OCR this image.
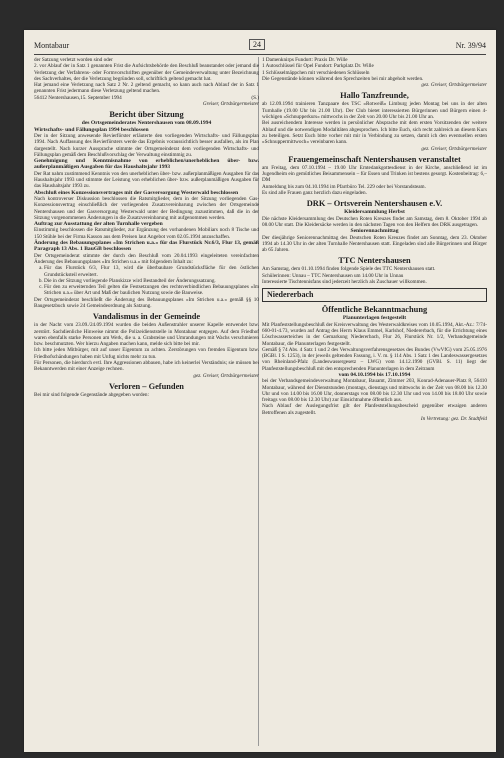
Montabaur	24	Nr. 39/94

der Satzung verletzt worden sind oder

2. vor Ablauf der in Satz 1 genannten Frist die Aufsichtsbehörde den Beschluß beanstandet oder jemand die Verletzung der Verfahrens- oder Formvorschriften gegenüber der Gemeindeverwaltung unter Bezeichnung des Sachverhaltes, der die Verletzung begründen soll, schriftlich geltend gemacht hat.

Hat jemand eine Verletzung nach Satz 2 Nr. 2 geltend gemacht, so kann auch nach Ablauf der in Satz 1 genannten Frist jedermann diese Verletzung geltend machen.

56412 Nentershausen,15. September 1994	(S.)

Greiser, Ortsbürgermeister

Bericht über Sitzung
des Ortsgemeinderates Nentershausen vom 08.09.1994
Wirtschafts- und Fällungsplan 1994 beschlossen

Der in der Sitzung anwesende Revierförster erläuterte den vorliegenden Wirtschafts- und Fällungsplan 1994. Nach Auffassung des Revierförsters werde das Ergebnis voraussichtlich besser ausfallen, als im Plan dargestellt. Nach kurzer Aussprache stimmte der Ortsgemeinderat dem vorliegenden Wirtschafts- und Fällungsplan gemäß dem Beschlußvorschlag der Verwaltung einstimmig zu.

Genehmigung und Kenntnisnahme von erheblichen/unerheblichen über- bzw. außerplanmäßigen Ausgaben für das Haushaltsjahr 1993

Der Rat nahm zustimmend Kenntnis von den unerheblichen über- bzw. außerplanmäßigen Ausgaben für das Haushaltsjahr 1993 und stimmte der Leistung von erheblichen über- bzw. außerplanmäßigen Ausgaben für das Haushaltsjahr 1993 zu.

Abschluß eines Konzessionsvertrages mit der Gasversorgung Westerwald beschlossen

Nach kontroverser Diskussion beschlossen die Ratsmitglieder, dem in der Sitzung vorliegenden Gas-Konzessionsvertrag einschließlich der vorliegenden Zusatzvereinbarung zwischen der Ortsgemeinde Nentershausen und der Gasversorgung Westerwald unter der Bedingung zuzustimmen, daß die in der Sitzung vorgenommenen Änderungen in die Zusatzvereinbarung mit aufgenommen werden.

Auftrag zur Ausstattung der alten Turnhalle vergeben

Einstimmig beschlossen die Ratsmitglieder, zur Ergänzung des vorhandenen Mobiliars noch 8 Tische und 150 Stühle bei der Firma Kasson aus dem Preisen laut Angebot vom 02.05.1994 anzuschaffen.

Änderung des Bebauungsplanes »Im Strichen u.a.« für das Flurstück Nr.6/3, Flur 13, gemäß Paragraph 13 Abs. 1 BauGB beschlossen

Der Ortsgemeinderat stimmte der durch den Beschluß vom 20.04.1993 eingeleiteten vereinfachten Änderung des Bebauungsplanes »Im Strichen u.a.« mit folgendem Inhalt zu:

a. Für das Flurstück 6/3, Flur 13, wird die überbaubare Grundstücksfläche für den östlichen Grundstücksteil erweitert.
b. Die in der Sitzung vorliegende Planskizze wird Bestandteil der Änderungssatzung.
c. Für den zu erweiternden Teil gelten die Festsetzungen des rechtsverbindlichen Bebauungsplanes »Im Strichen u.a.« über Art und Maß der baulichen Nutzung sowie die Bauweise.

Der Ortsgemeinderat beschließt die Änderung des Bebauungsplanes »Im Strichen u.a.« gemäß §§ 10 Baugesetzbuch sowie 24 Gemeindeordnung als Satzung.

Vandalismus in der Gemeinde

in der Nacht vom 23.09./24.09.1994 wurden die beiden Außenstrahler unserer Kapelle entwendet bzw. zerstört. Sachdienliche Hinweise nimmt die Polizeidienststelle in Montabaur entgegen. Auf dem Friedhof waren ebenfalls starke Personen am Werk, die u. a. Grabsteine und Umrandungen mit Wachs verschmieren bzw. beschmutzten. Wer hierzu Angaben machen kann, melde sich bitte bei mir.

Ich bitte jeden Mitbürger, mit auf unser Eigentum zu achten. Zerstörungen von fremden Eigentum bzw. Friedhofschändungen haben mit Unfug nichts mehr zu tun.

Für Personen, die hierdurch evtl. Ihre Aggressionen abbauen, habe ich keinerlei Verständnis; sie müssen bei Bekanntwerden mit einer Anzeige rechnen.

gez. Greiser, Ortsbürgermeister

Verloren – Gefunden

Bei mir sind folgende Gegenstände abgegeben worden:

1 Damenknirps Fundort: Praxis Dr. Wille

1 Autoschlüssel für Opel Fundort: Parkplatz Dr. Wille

1 Schlüsselmäppchen mit verschiedenen Schlüsseln

Die Gegenstände können während den Sprechzeiten bei mir abgeholt werden.

gez. Greiser, Ortsbürgermeister

Hallo Tanzfreunde,

ab 12.09.1994 trainieren Tanzpaare des TSC »Rotweiß« Limburg jeden Montag bei uns in der alten Turnhalle (19.00 Uhr bis 21.00 Uhr). Der Club bietet interessierten Bürgerinnen und Bürgern einen 4-wöchigen »Schnupperkurs« mittwochs in der Zeit von 20.00 Uhr bis 21.00 Uhr an.

Bei ausreichendem Interesse werden in persönlicher Absprache mit dem ersten Vorsitzenden der weitere Ablauf und die notwendigen Modalitäten abgesprochen. Ich bitte Euch, sich recht zahlreich an diesem Kurs zu beteiligen. Setzt Euch bitte vorher mit mir in Verbindung zu setzen, damit ich den eventuellen ersten »Schnuppermittwoch« vereinbaren kann.

gez. Greiser, Ortsbürgermeister

Frauengemeinschaft Nentershausen veranstaltet

am Freitag, dem 07.10.1994 – 19.00 Uhr Erntedankgottesdienst in der Kirche, anschließend ist im Jugendheim ein gemütliches Beisammensein – für Essen und Trinken ist bestens gesorgt. Kostenbeitrag: 6,– DM

Anmeldung bis zum 04.10.1994 im Pfarrbüro Tel. 229 oder bei Vorstandsteam.

Es sind alle Frauen ganz herzlich dazu eingeladen.

DRK – Ortsverein Nentershausen e.V.
Kleidersammlung Herbst

Die nächste Kleidersammlung des Deutschen Roten Kreuzes findet am Samstag, dem 8. Oktober 1994 ab 08.00 Uhr statt. Die Kleidersäcke werden in den nächsten Tagen von den Helfern des DRK ausgetragen.

Seniorennachmittag

Der diesjährige Seniorennachmittag des Deutschen Roten Kreuzes findet am Sonntag, dem 23. Oktober 1994 ab 14.30 Uhr in der alten Turnhalle Nentershausen statt. Eingeladen sind alle Bürgerinnen und Bürger ab 65 Jahren.

TTC Nentershausen

Am Samstag, dem 01.10.1994 finden folgende Spiele des TTC Nentershausen statt.

Schülerinnen: Unnau – TTC Nentershausen um 14.00 Uhr in Unnau

Interessierte Tischtennisfans sind jederzeit herzlich als Zuschauer willkommen.

Niedererbach
Öffentliche Bekanntmachung
Planunterlagen festgestellt

Mit Planfeststellungsbeschluß der Kreisverwaltung des Westerwaldkreises vom 10.05.1994, Akt.-Az.: 7/74-660-01-4.73, wurden auf Antrag des Herrn Klaus Emmel, Karlshof, Niedererbach, für die Errichtung eines Löschwasserteiches in der Gemarkung Niedererbach, Flur 26, Flurstück Nr. 1/2, Verbandsgemeinde Montabaur, die Planunterlagen festgestellt.

Gemäß § 74 Abs. 4 Satz 1 und 2 des Verwaltungsverfahrensgesetzes des Bundes (VwVfG) vom 25.05.1976 (BGBl. I S. 1253), in der jeweils geltenden Fassung, i. V. m. § 114 Abs. 1 Satz 1 des Landeswassergesetzes von Rheinland-Pfalz (Landeswassergesetz – LWG) vom 14.12.1990 (GVBl. S. 11) liegt der Planfeststellungsbeschluß mit den entsprechenden Planunterlagen in dem Zeitraum

vom 04.10.1994 bis 17.10.1994

bei der Verbandsgemeindeverwaltung Montabaur, Bauamt, Zimmer 203, Konrad-Adenauer-Platz 8, 56410 Montabaur, während der Dienststunden (montags, dienstags und mittwochs in der Zeit von 08.00 bis 12.30 Uhr und von 14.00 bis 16.00 Uhr, donnerstags von 08.00 bis 12.30 Uhr und von 14.00 bis 18.00 Uhr sowie freitags von 08.00 bis 12.30 Uhr) zur Einsichtnahme öffentlich aus.

Nach Ablauf der Auslegungsfrist gilt der Planfeststellungsbescheid gegenüber etwaigen anderen Betroffenen als zugestellt.

In Vertretung: gez. Dr. Stadtfeld
